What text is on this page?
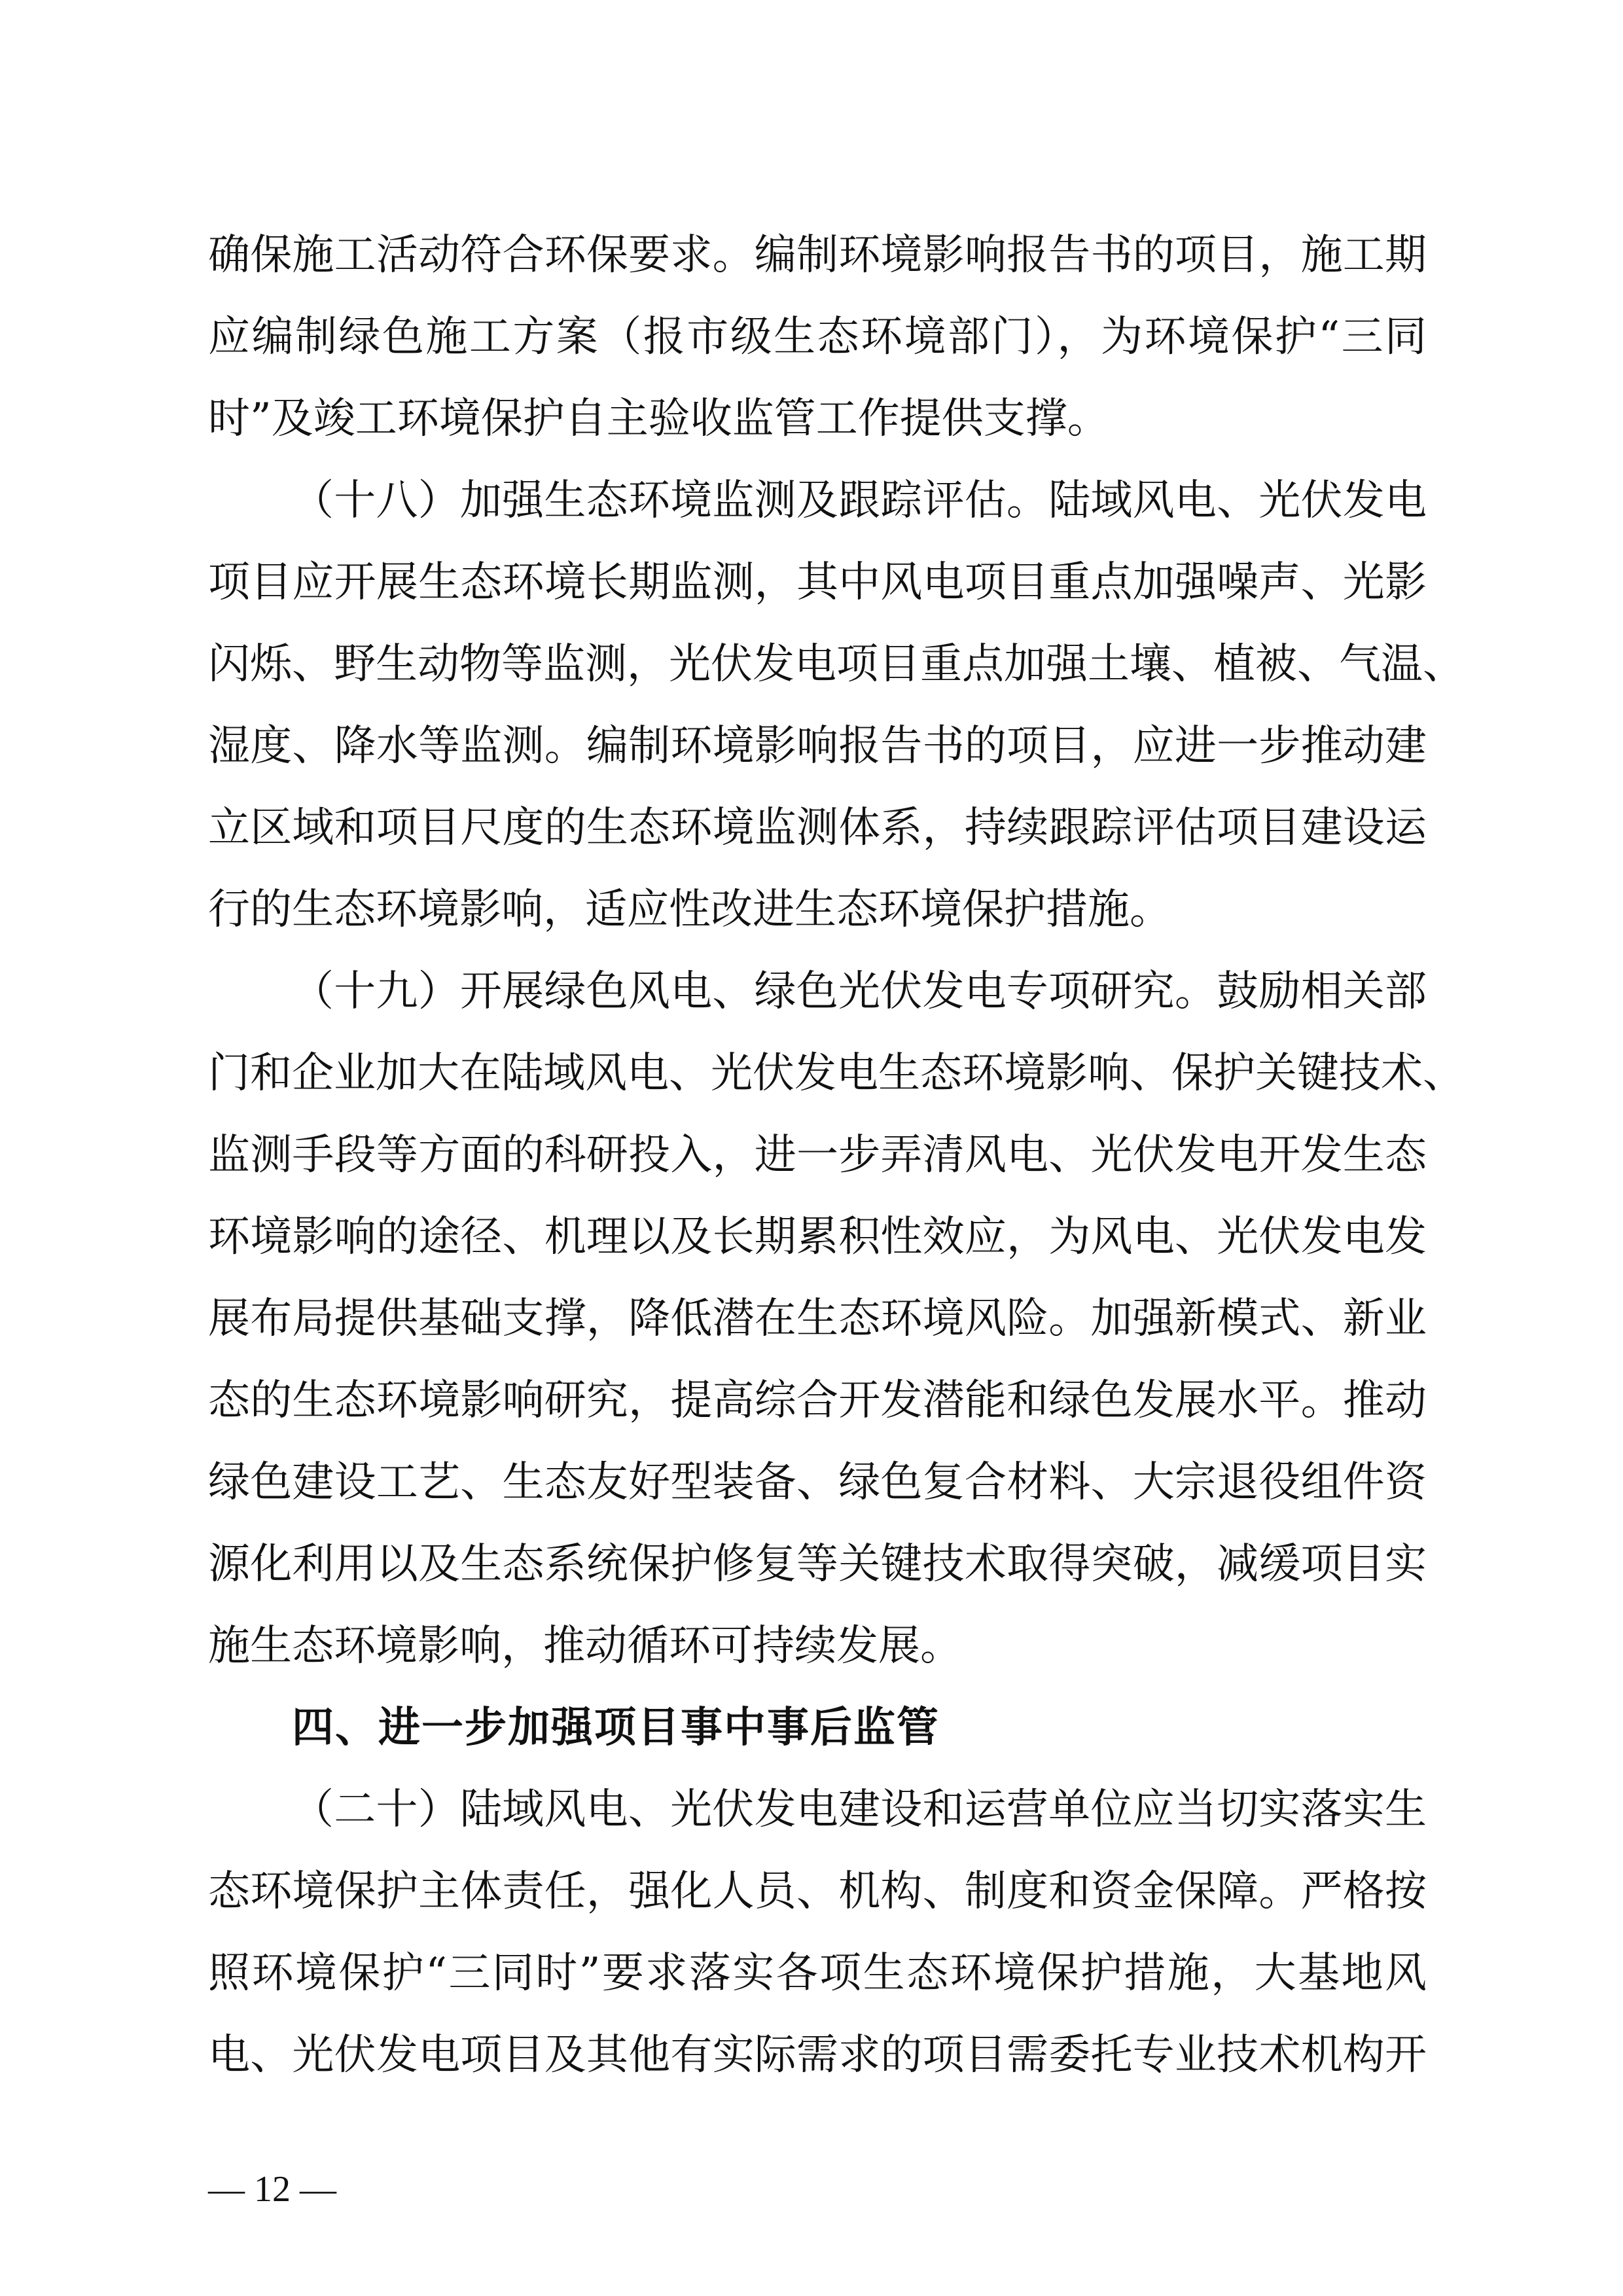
确保施工活动符合环保要求。编制环境影响报告书的项目，施工期
应编制绿色施工方案（报市级生态环境部门），为环境保护“三同
时”及竣工环境保护自主验收监管工作提供支撑。
（十八）加强生态环境监测及跟踪评估。陆域风电、光伏发电
项目应开展生态环境长期监测，其中风电项目重点加强噪声、光影
闪烁、野生动物等监测，光伏发电项目重点加强土壤、植被、气温、
湿度、降水等监测。编制环境影响报告书的项目，应进一步推动建
立区域和项目尺度的生态环境监测体系，持续跟踪评估项目建设运
行的生态环境影响，适应性改进生态环境保护措施。
（十九）开展绿色风电、绿色光伏发电专项研究。鼓励相关部
门和企业加大在陆域风电、光伏发电生态环境影响、保护关键技术、
监测手段等方面的科研投入，进一步弄清风电、光伏发电开发生态
环境影响的途径、机理以及长期累积性效应，为风电、光伏发电发
展布局提供基础支撑，降低潜在生态环境风险。加强新模式、新业
态的生态环境影响研究，提高综合开发潜能和绿色发展水平。推动
绿色建设工艺、生态友好型装备、绿色复合材料、大宗退役组件资
源化利用以及生态系统保护修复等关键技术取得突破，减缓项目实
施生态环境影响，推动循环可持续发展。
四、进一步加强项目事中事后监管
（二十）陆域风电、光伏发电建设和运营单位应当切实落实生
态环境保护主体责任，强化人员、机构、制度和资金保障。严格按
照环境保护“三同时”要求落实各项生态环境保护措施，大基地风
电、光伏发电项目及其他有实际需求的项目需委托专业技术机构开
— 12 —
